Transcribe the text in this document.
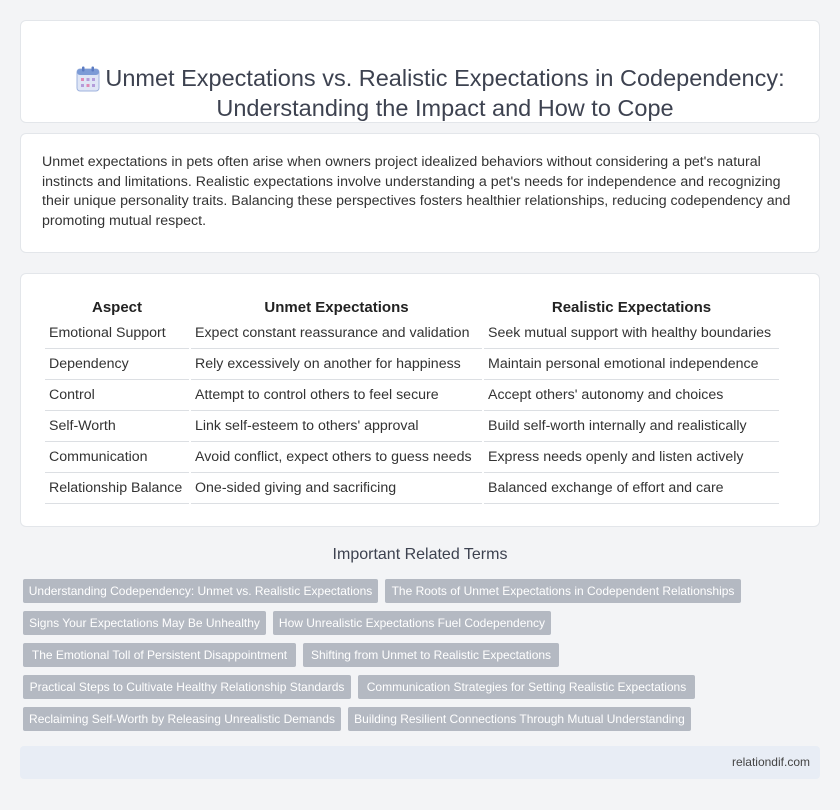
Unmet Expectations vs. Realistic Expectations in Codependency: Understanding the Impact and How to Cope

Unmet expectations in pets often arise when owners project idealized behaviors without considering a pet's natural instincts and limitations. Realistic expectations involve understanding a pet's needs for independence and recognizing their unique personality traits. Balancing these perspectives fosters healthier relationships, reducing codependency and promoting mutual respect.

Aspect	Unmet Expectations	Realistic Expectations
Emotional Support	Expect constant reassurance and validation	Seek mutual support with healthy boundaries
Dependency	Rely excessively on another for happiness	Maintain personal emotional independence
Control	Attempt to control others to feel secure	Accept others' autonomy and choices
Self-Worth	Link self-esteem to others' approval	Build self-worth internally and realistically
Communication	Avoid conflict, expect others to guess needs	Express needs openly and listen actively
Relationship Balance	One-sided giving and sacrificing	Balanced exchange of effort and care
Important Related Terms
Understanding Codependency: Unmet vs. Realistic Expectations	The Roots of Unmet Expectations in Codependent Relationships
Signs Your Expectations May Be Unhealthy	How Unrealistic Expectations Fuel Codependency
The Emotional Toll of Persistent Disappointment	Shifting from Unmet to Realistic Expectations
Practical Steps to Cultivate Healthy Relationship Standards	Communication Strategies for Setting Realistic Expectations
Reclaiming Self-Worth by Releasing Unrealistic Demands	Building Resilient Connections Through Mutual Understanding
relationdif.com
